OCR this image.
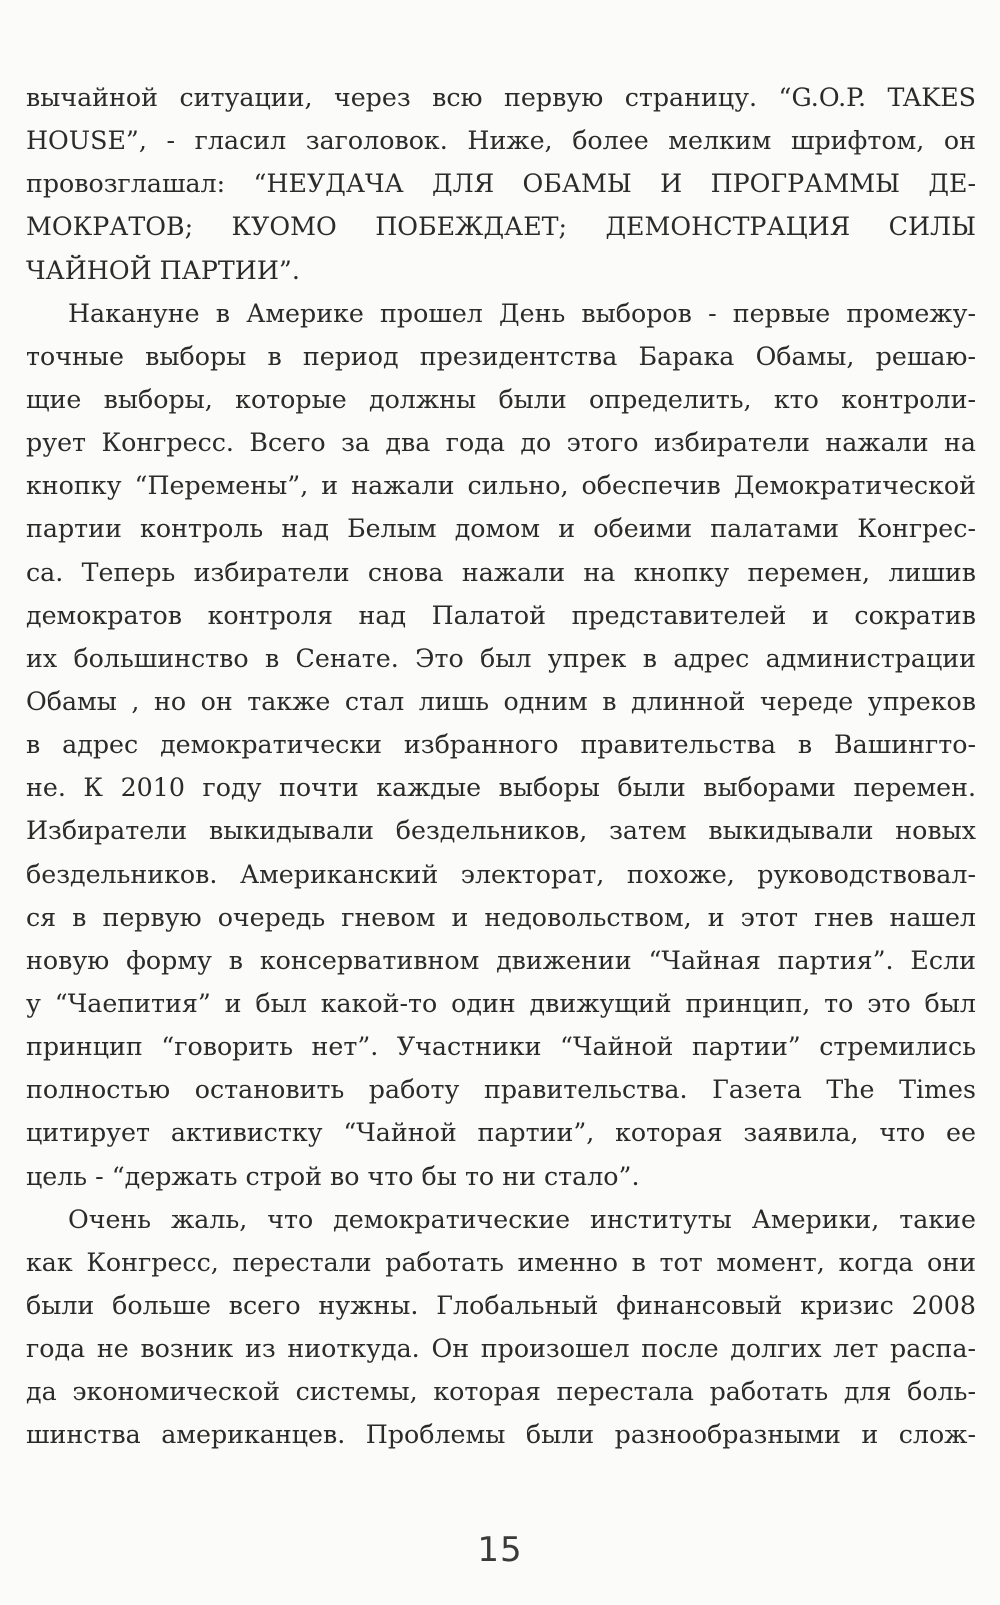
вычайной ситуации, через всю первую страницу. “G.O.P. TAKES

HOUSE”, - гласил заголовок. Ниже, более мелким шрифтом, он

провозглашал: “НЕУДАЧА ДЛЯ ОБАМЫ И ПРОГРАММЫ ДЕ-

МОКРАТОВ; КУОМО ПОБЕЖДАЕТ; ДЕМОНСТРАЦИЯ СИЛЫ

ЧАЙНОЙ ПАРТИИ”.

Накануне в Америке прошел День выборов - первые промежу-

точные выборы в период президентства Барака Обамы, решаю-

щие выборы, которые должны были определить, кто контроли-

рует Конгресс. Всего за два года до этого избиратели нажали на

кнопку “Перемены”, и нажали сильно, обеспечив Демократической

партии контроль над Белым домом и обеими палатами Конгрес-

са. Теперь избиратели снова нажали на кнопку перемен, лишив

демократов контроля над Палатой представителей и сократив

их большинство в Сенате. Это был упрек в адрес администрации

Обамы , но он также стал лишь одним в длинной череде упреков

в адрес демократически избранного правительства в Вашингто-

не. К 2010 году почти каждые выборы были выборами перемен.

Избиратели выкидывали бездельников, затем выкидывали новых

бездельников. Американский электорат, похоже, руководствовал-

ся в первую очередь гневом и недовольством, и этот гнев нашел

новую форму в консервативном движении “Чайная партия”. Если

у “Чаепития” и был какой-то один движущий принцип, то это был

принцип “говорить нет”. Участники “Чайной партии” стремились

полностью остановить работу правительства. Газета The Times

цитирует активистку “Чайной партии”, которая заявила, что ее

цель - “держать строй во что бы то ни стало”.

Очень жаль, что демократические институты Америки, такие

как Конгресс, перестали работать именно в тот момент, когда они

были больше всего нужны. Глобальный финансовый кризис 2008

года не возник из ниоткуда. Он произошел после долгих лет распа-

да экономической системы, которая перестала работать для боль-

шинства американцев. Проблемы были разнообразными и слож-

15
